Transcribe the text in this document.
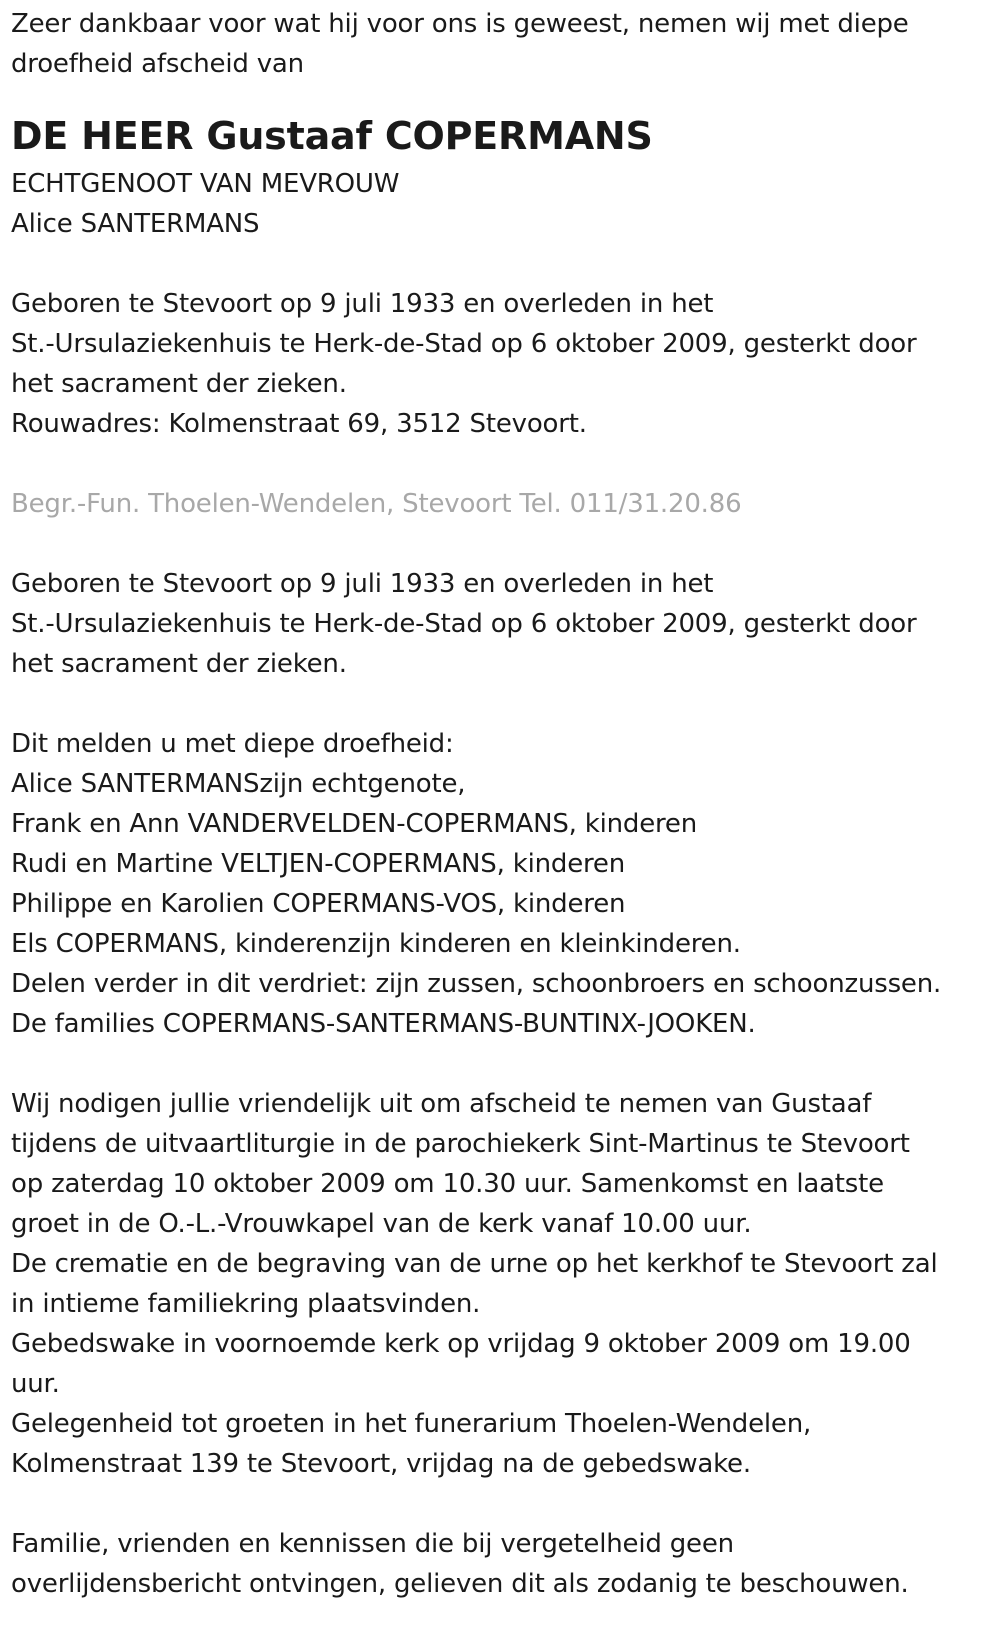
Zeer dankbaar voor wat hij voor ons is geweest, nemen wij met diepe
droefheid afscheid van
DE HEER Gustaaf COPERMANS
ECHTGENOOT VAN MEVROUW
Alice SANTERMANS
Geboren te Stevoort op 9 juli 1933 en overleden in het
St.-Ursulaziekenhuis te Herk-de-Stad op 6 oktober 2009, gesterkt door
het sacrament der zieken.
Rouwadres: Kolmenstraat 69, 3512 Stevoort.
Begr.-Fun. Thoelen-Wendelen, Stevoort Tel. 011/31.20.86
Geboren te Stevoort op 9 juli 1933 en overleden in het
St.-Ursulaziekenhuis te Herk-de-Stad op 6 oktober 2009, gesterkt door
het sacrament der zieken.
Dit melden u met diepe droefheid:
Alice SANTERMANSzijn echtgenote,
Frank en Ann VANDERVELDEN-COPERMANS, kinderen
Rudi en Martine VELTJEN-COPERMANS, kinderen
Philippe en Karolien COPERMANS-VOS, kinderen
Els COPERMANS, kinderenzijn kinderen en kleinkinderen.
Delen verder in dit verdriet: zijn zussen, schoonbroers en schoonzussen.
De families COPERMANS-SANTERMANS-BUNTINX-JOOKEN.
Wij nodigen jullie vriendelijk uit om afscheid te nemen van Gustaaf
tijdens de uitvaartliturgie in de parochiekerk Sint-Martinus te Stevoort
op zaterdag 10 oktober 2009 om 10.30 uur. Samenkomst en laatste
groet in de O.-L.-Vrouwkapel van de kerk vanaf 10.00 uur.
De crematie en de begraving van de urne op het kerkhof te Stevoort zal
in intieme familiekring plaatsvinden.
Gebedswake in voornoemde kerk op vrijdag 9 oktober 2009 om 19.00
uur.
Gelegenheid tot groeten in het funerarium Thoelen-Wendelen,
Kolmenstraat 139 te Stevoort, vrijdag na de gebedswake.
Familie, vrienden en kennissen die bij vergetelheid geen
overlijdensbericht ontvingen, gelieven dit als zodanig te beschouwen.
